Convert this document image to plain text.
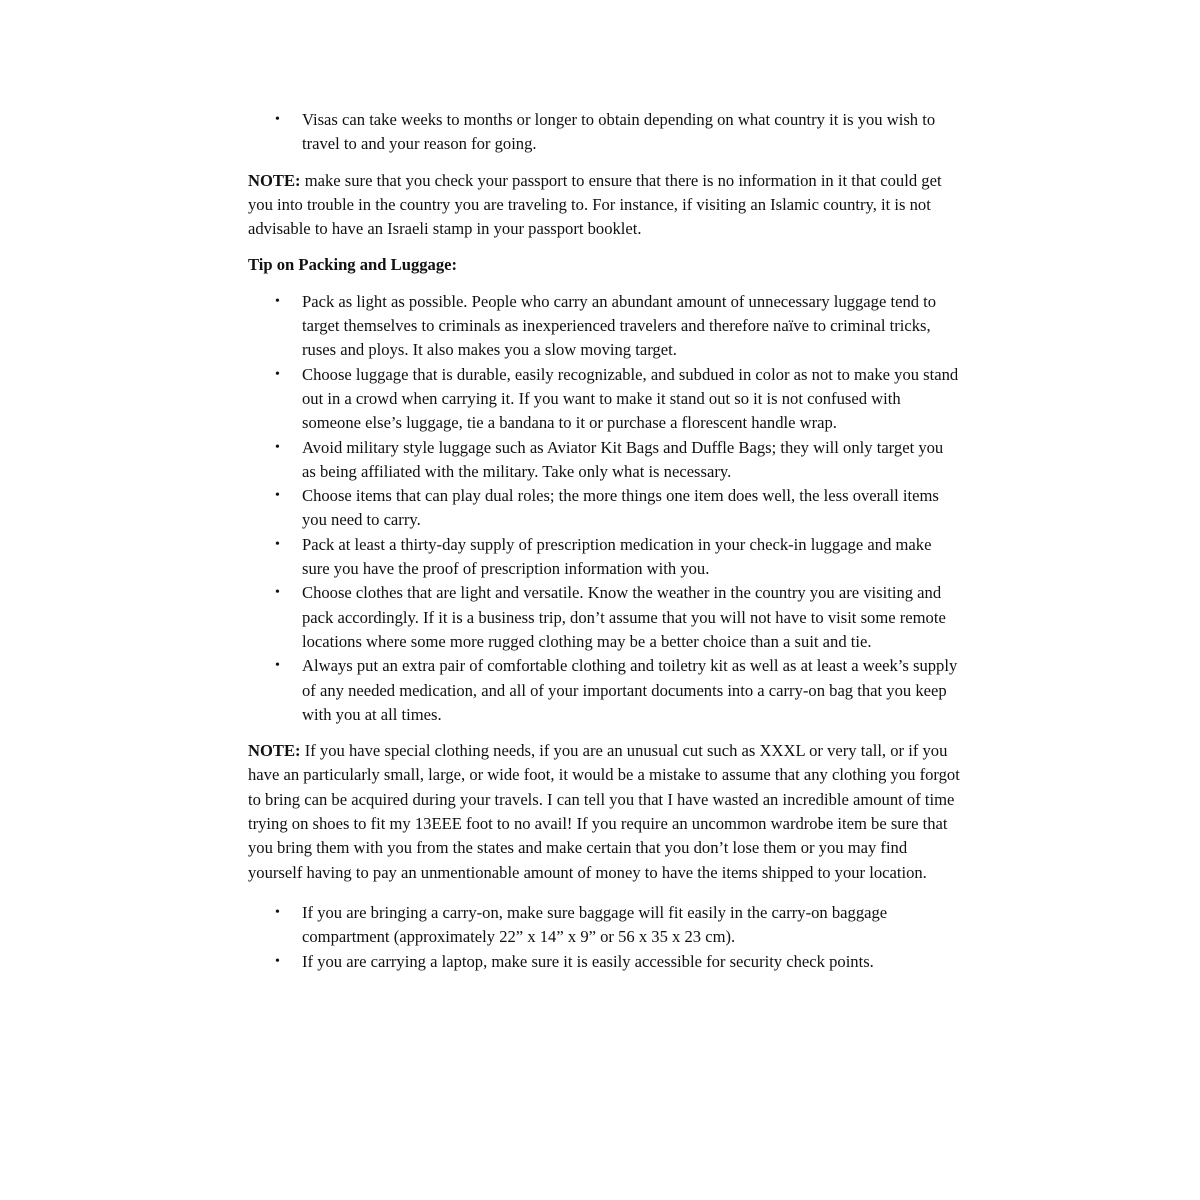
• Visas can take weeks to months or longer to obtain depending on what country it is you wish to travel to and your reason for going.

NOTE: make sure that you check your passport to ensure that there is no information in it that could get you into trouble in the country you are traveling to. For instance, if visiting an Islamic country, it is not advisable to have an Israeli stamp in your passport booklet.

Tip on Packing and Luggage:

• Pack as light as possible. People who carry an abundant amount of unnecessary luggage tend to target themselves to criminals as inexperienced travelers and therefore naïve to criminal tricks, ruses and ploys. It also makes you a slow moving target.
• Choose luggage that is durable, easily recognizable, and subdued in color as not to make you stand out in a crowd when carrying it. If you want to make it stand out so it is not confused with someone else’s luggage, tie a bandana to it or purchase a florescent handle wrap.
• Avoid military style luggage such as Aviator Kit Bags and Duffle Bags; they will only target you as being affiliated with the military. Take only what is necessary.
• Choose items that can play dual roles; the more things one item does well, the less overall items you need to carry.
• Pack at least a thirty-day supply of prescription medication in your check-in luggage and make sure you have the proof of prescription information with you.
• Choose clothes that are light and versatile. Know the weather in the country you are visiting and pack accordingly. If it is a business trip, don’t assume that you will not have to visit some remote locations where some more rugged clothing may be a better choice than a suit and tie.
• Always put an extra pair of comfortable clothing and toiletry kit as well as at least a week’s supply of any needed medication, and all of your important documents into a carry-on bag that you keep with you at all times.

NOTE: If you have special clothing needs, if you are an unusual cut such as XXXL or very tall, or if you have an particularly small, large, or wide foot, it would be a mistake to assume that any clothing you forgot to bring can be acquired during your travels. I can tell you that I have wasted an incredible amount of time trying on shoes to fit my 13EEE foot to no avail! If you require an uncommon wardrobe item be sure that you bring them with you from the states and make certain that you don’t lose them or you may find yourself having to pay an unmentionable amount of money to have the items shipped to your location.

• If you are bringing a carry-on, make sure baggage will fit easily in the carry-on baggage compartment (approximately 22” x 14” x 9” or 56 x 35 x 23 cm).
• If you are carrying a laptop, make sure it is easily accessible for security check points.
